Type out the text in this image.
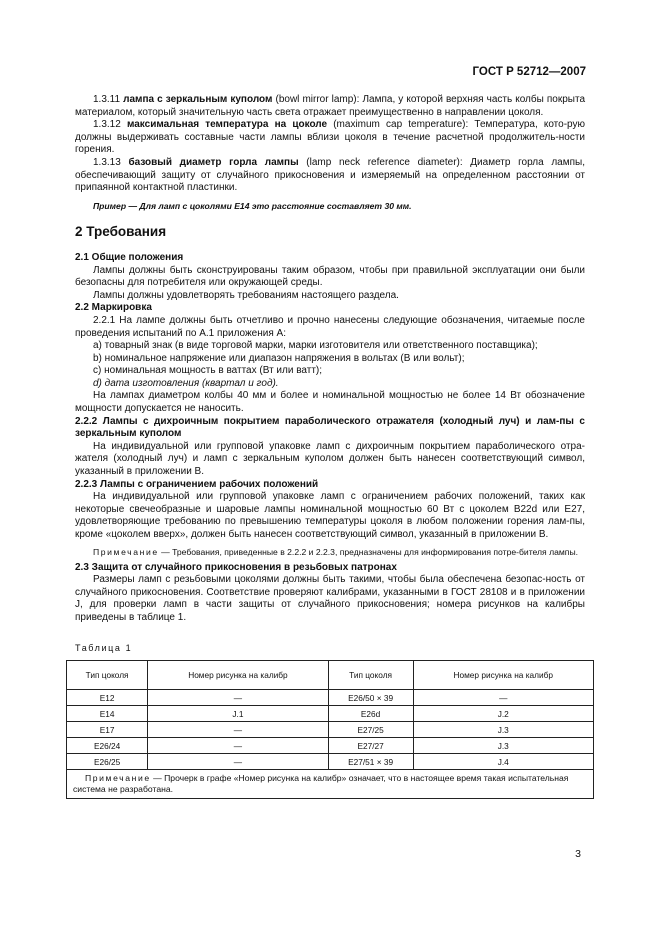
ГОСТ Р 52712—2007

1.3.11 лампа с зеркальным куполом (bowl mirror lamp): Лампа, у которой верхняя часть колбы покрыта материалом, который значительную часть света отражает преимущественно в направлении цоколя.

1.3.12 максимальная температура на цоколе (maximum cap temperature): Температура, кото-рую должны выдерживать составные части лампы вблизи цоколя в течение расчетной продолжитель-ности горения.

1.3.13 базовый диаметр горла лампы (lamp neck reference diameter): Диаметр горла лампы, обеспечивающий защиту от случайного прикосновения и измеряемый на определенном расстоянии от припаянной контактной пластинки.

Пример — Для ламп с цоколями Е14 это расстояние составляет 30 мм.

2 Требования

2.1 Общие положения

Лампы должны быть сконструированы таким образом, чтобы при правильной эксплуатации они были безопасны для потребителя или окружающей среды.

Лампы должны удовлетворять требованиям настоящего раздела.

2.2 Маркировка

2.2.1 На лампе должны быть отчетливо и прочно нанесены следующие обозначения, читаемые после проведения испытаний по А.1 приложения А:

a) товарный знак (в виде торговой марки, марки изготовителя или ответственного поставщика);

b) номинальное напряжение или диапазон напряжения в вольтах (В или вольт);

c) номинальная мощность в ваттах (Вт или ватт);

d) дата изготовления (квартал и год).

На лампах диаметром колбы 40 мм и более и номинальной мощностью не более 14 Вт обозначение мощности допускается не наносить.

2.2.2 Лампы с дихроичным покрытием параболического отражателя (холодный луч) и лам-пы с зеркальным куполом

На индивидуальной или групповой упаковке ламп с дихроичным покрытием параболического отра-жателя (холодный луч) и ламп с зеркальным куполом должен быть нанесен соответствующий символ, указанный в приложении В.

2.2.3 Лампы с ограничением рабочих положений

На индивидуальной или групповой упаковке ламп с ограничением рабочих положений, таких как некоторые свечеобразные и шаровые лампы номинальной мощностью 60 Вт с цоколем В22d или Е27, удовлетворяющие требованию по превышению температуры цоколя в любом положении горения лам-пы, кроме «цоколем вверх», должен быть нанесен соответствующий символ, указанный в приложении В.

Примечание — Требования, приведенные в 2.2.2 и 2.2.3, предназначены для информирования потре-бителя лампы.

2.3 Защита от случайного прикосновения в резьбовых патронах

Размеры ламп с резьбовыми цоколями должны быть такими, чтобы была обеспечена безопас-ность от случайного прикосновения. Соответствие проверяют калибрами, указанными в ГОСТ 28108 и в приложении J, для проверки ламп в части защиты от случайного прикосновения; номера рисунков на калибры приведены в таблице 1.

Таблица 1
Тип цоколя	Номер рисунка на калибр	Тип цоколя	Номер рисунка на калибр
Е12	—	Е26/50 × 39	—
Е14	J.1	Е26d	J.2
Е17	—	Е27/25	J.3
Е26/24	—	Е27/27	J.3
Е26/25	—	Е27/51 × 39	J.4
Примечание — Прочерк в графе «Номер рисунка на калибр» означает, что в настоящее время такая испытательная система не разработана.			
3
